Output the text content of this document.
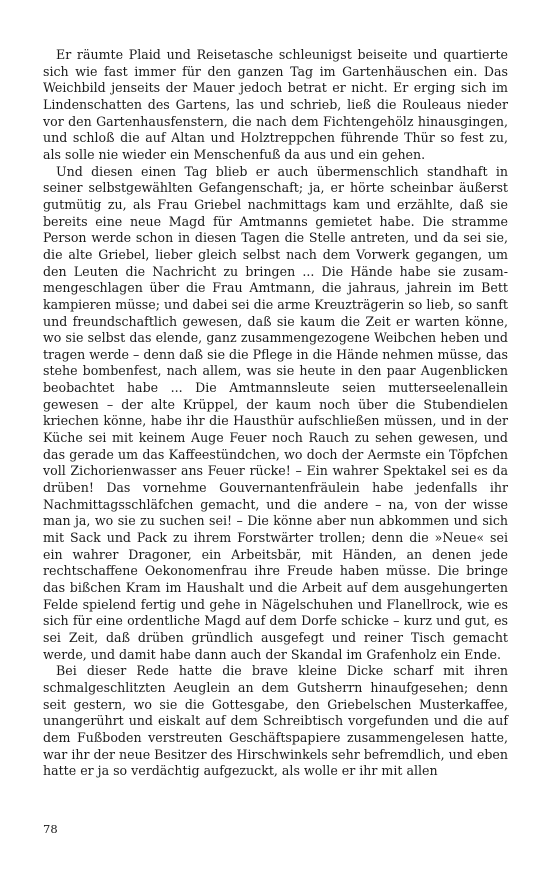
Er räumte Plaid und Reisetasche schleunigst beiseite und quartierte sich wie fast immer für den ganzen Tag im Gartenhäuschen ein. Das Weichbild jenseits der Mauer jedoch betrat er nicht. Er erging sich im Lindenschatten des Gartens, las und schrieb, ließ die Rouleaus nieder vor den Gartenhausfenstern, die nach dem Fichtengehölz hinausgingen, und schloß die auf Altan und Holztreppchen führende Thür so fest zu, als solle nie wieder ein Menschenfuß da aus und ein gehen.

Und diesen einen Tag blieb er auch übermenschlich standhaft in seiner selbstgewählten Gefangenschaft; ja, er hörte scheinbar äußerst gutmütig zu, als Frau Griebel nachmittags kam und erzählte, daß sie bereits eine neue Magd für Amtmanns gemietet habe. Die stramme Person werde schon in diesen Tagen die Stelle antreten, und da sei sie, die alte Griebel, lieber gleich selbst nach dem Vorwerk gegangen, um den Leuten die Nachricht zu bringen ... Die Hände habe sie zusammengeschlagen über die Frau Amtmann, die jahraus, jahrein im Bett kampieren müsse; und dabei sei die arme Kreuzträgerin so lieb, so sanft und freundschaftlich gewesen, daß sie kaum die Zeit er warten könne, wo sie selbst das elende, ganz zusammengezogene Weibchen heben und tragen werde – denn daß sie die Pflege in die Hände nehmen müsse, das stehe bombenfest, nach allem, was sie heute in den paar Augenblicken beobachtet habe ... Die Amtmannsleute seien mutterseelenallein gewesen – der alte Krüppel, der kaum noch über die Stubendielen kriechen könne, habe ihr die Hausthür aufschließen müssen, und in der Küche sei mit keinem Auge Feuer noch Rauch zu sehen gewesen, und das gerade um das Kaffeestündchen, wo doch der Aermste ein Töpfchen voll Zichorienwasser ans Feuer rücke! – Ein wahrer Spektakel sei es da drüben! Das vornehme Gouvernantenfräulein habe jedenfalls ihr Nachmittagsschläfchen gemacht, und die andere – na, von der wisse man ja, wo sie zu suchen sei! – Die könne aber nun abkommen und sich mit Sack und Pack zu ihrem Forstwärter trollen; denn die »Neue« sei ein wahrer Dragoner, ein Arbeitsbär, mit Händen, an denen jede rechtschaffene Oekonomenfrau ihre Freude haben müsse. Die bringe das bißchen Kram im Haushalt und die Arbeit auf dem ausgehungerten Felde spielend fertig und gehe in Nägelschuhen und Flanellrock, wie es sich für eine ordentliche Magd auf dem Dorfe schicke – kurz und gut, es sei Zeit, daß drüben gründlich ausgefegt und reiner Tisch gemacht werde, und damit habe dann auch der Skandal im Grafenholz ein Ende.

Bei dieser Rede hatte die brave kleine Dicke scharf mit ihren schmalgeschlitzten Aeuglein an dem Gutsherrn hinaufgesehen; denn seit gestern, wo sie die Gottesgabe, den Griebelschen Musterkaffee, unangerührt und eiskalt auf dem Schreibtisch vorgefunden und die auf dem Fußboden verstreuten Geschäftspapiere zusammengelesen hatte, war ihr der neue Besitzer des Hirschwinkels sehr befremdlich, und eben hatte er ja so verdächtig aufgezuckt, als wolle er ihr mit allen

78
